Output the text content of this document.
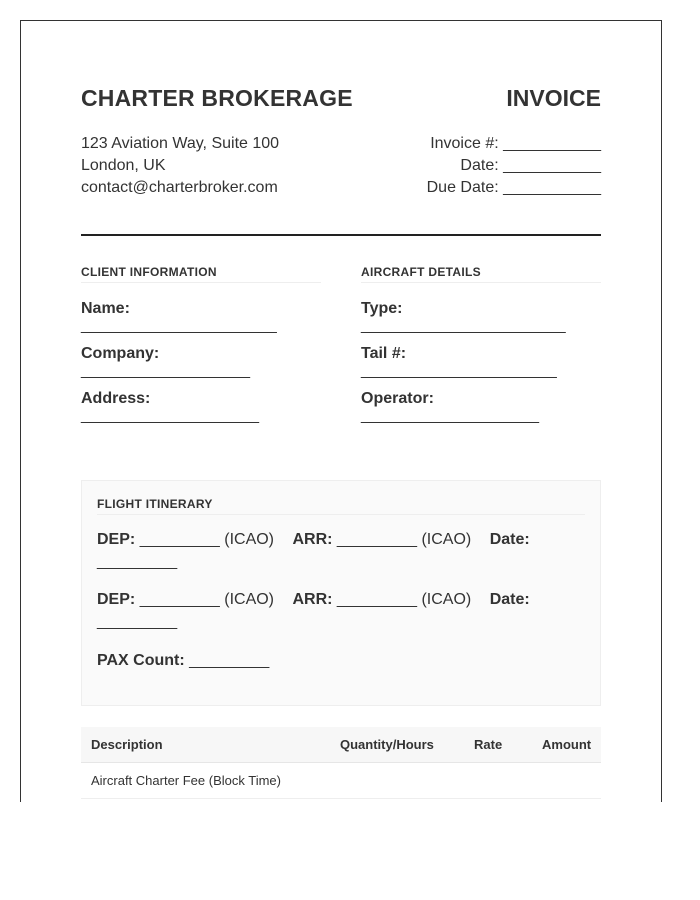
CHARTER BROKERAGE	INVOICE
123 Aviation Way, Suite 100
London, UK
contact@charterbroker.com
Invoice #: ___________
Date: ___________
Due Date: ___________
CLIENT INFORMATION
Name:
______________________
Company:
___________________
Address:
____________________
AIRCRAFT DETAILS
Type:
_______________________
Tail #:
______________________
Operator:
____________________
FLIGHT ITINERARY
DEP: _________ (ICAO) ARR: _________ (ICAO) Date:
_________
DEP: _________ (ICAO) ARR: _________ (ICAO) Date:
_________
PAX Count: _________
Description	Quantity/Hours	Rate	Amount
Aircraft Charter Fee (Block Time)
